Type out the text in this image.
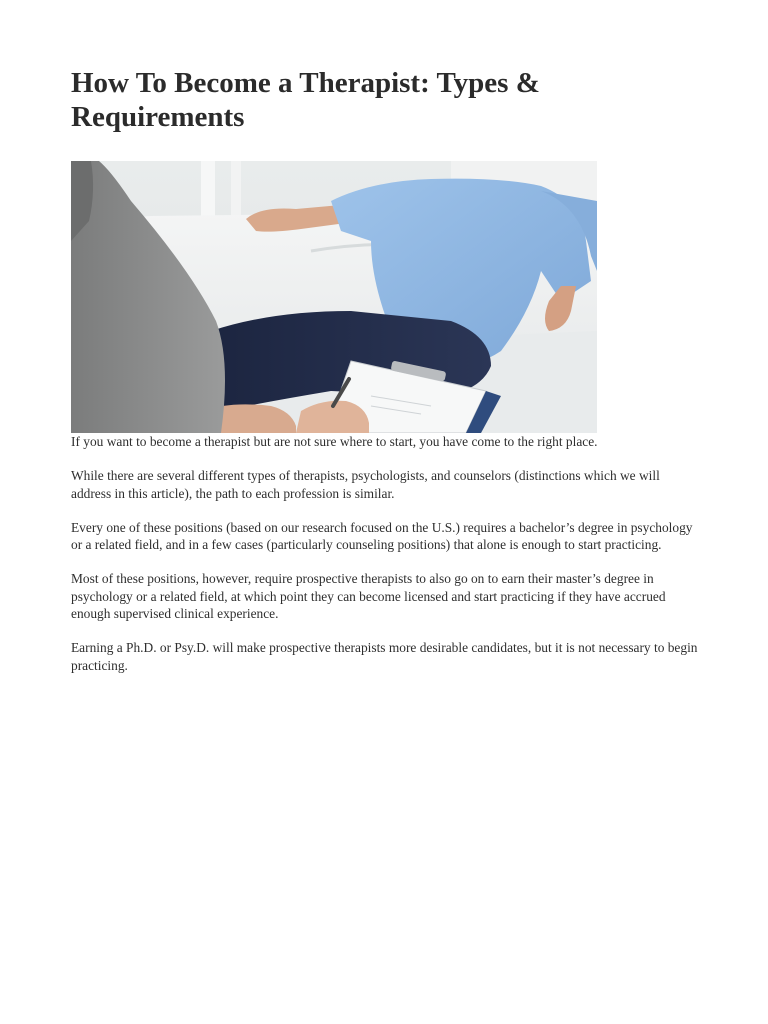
How To Become a Therapist: Types & Requirements

If you want to become a therapist but are not sure where to start, you have come to the right place.

While there are several different types of therapists, psychologists, and counselors (distinctions which we will address in this article), the path to each profession is similar.

Every one of these positions (based on our research focused on the U.S.) requires a bachelor’s degree in psychology or a related field, and in a few cases (particularly counseling positions) that alone is enough to start practicing.

Most of these positions, however, require prospective therapists to also go on to earn their master’s degree in psychology or a related field, at which point they can become licensed and start practicing if they have accrued enough supervised clinical experience.

Earning a Ph.D. or Psy.D. will make prospective therapists more desirable candidates, but it is not necessary to begin practicing.
